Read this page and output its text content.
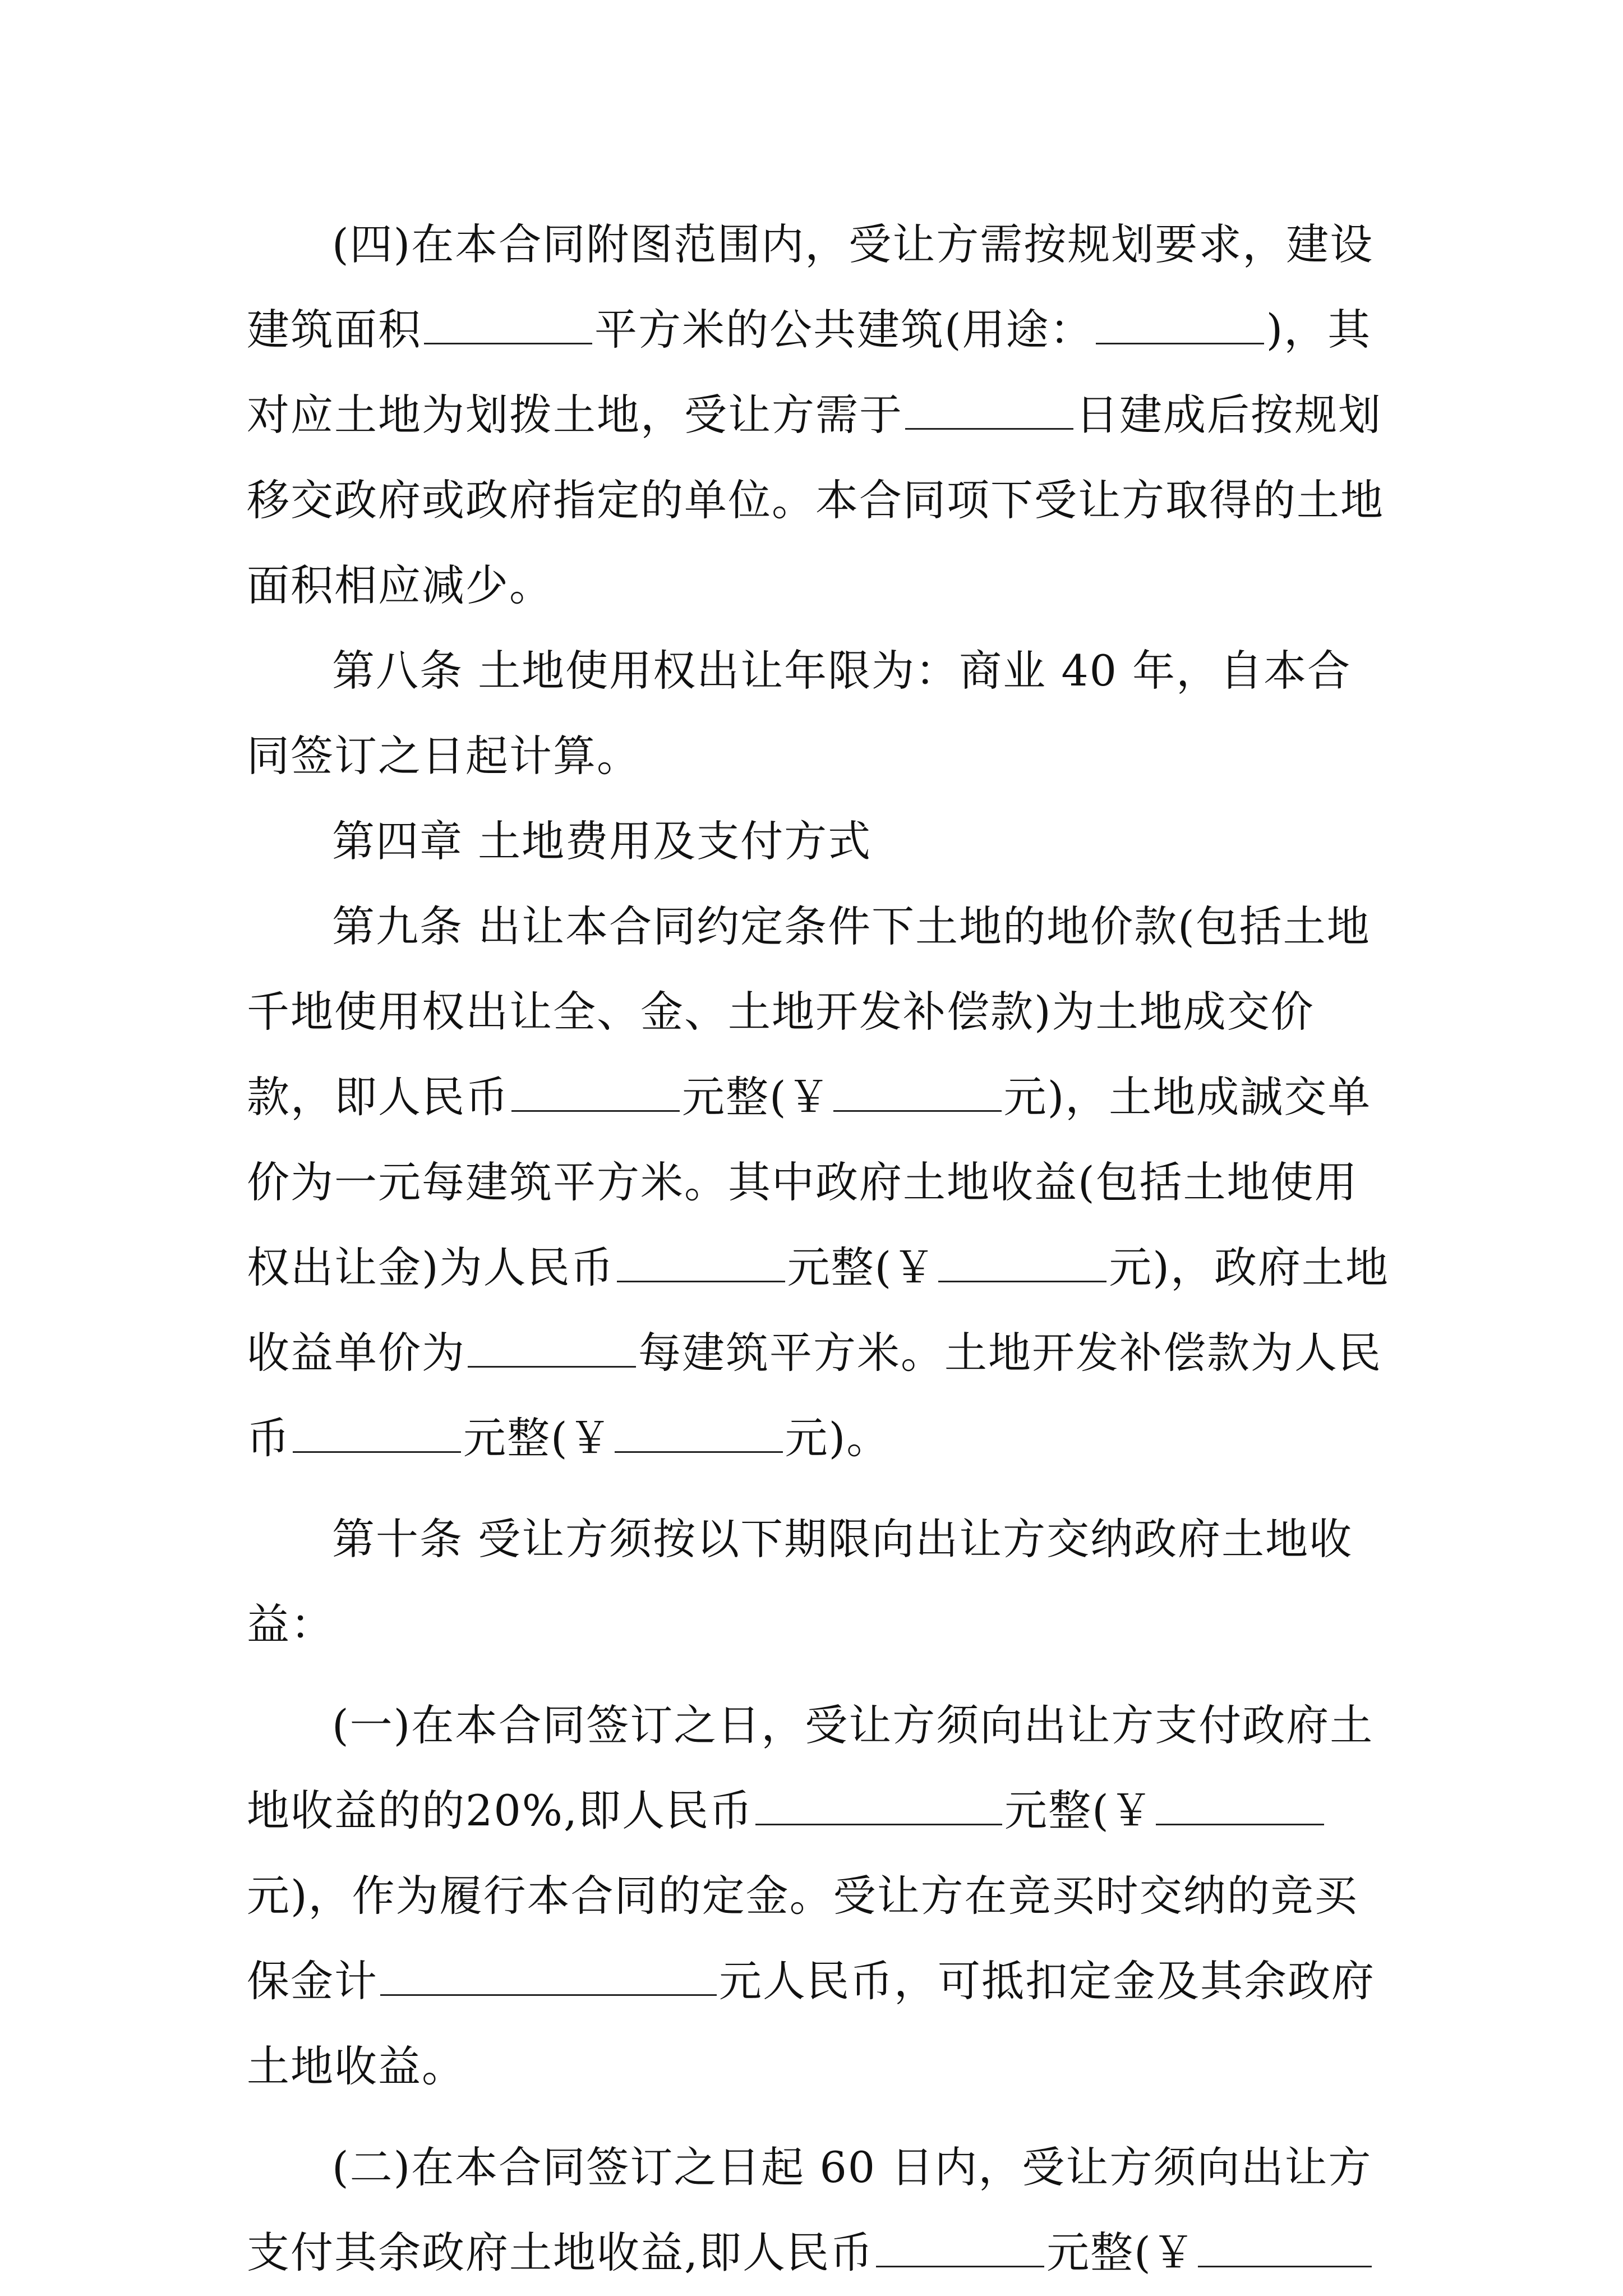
(四)在本合同附图范围内，受让方需按规划要求，建设建筑面积	平方米的公共建筑(用途：	)，其对应土地为划拨土地，受让方需于	日建成后按规划移交政府或政府指定的单位。本合同项下受让方取得的土地面积相应减少。

第八条 土地使用权出让年限为：商业 40 年，自本合同签订之日起计算。

第四章 土地费用及支付方式

第九条 出让本合同约定条件下土地的地价款(包括土地千地使用权出让全、金、土地开发补偿款)为土地成交价款，即人民币	元整(￥	元)，土地成誠交单价为一元每建筑平方米。其中政府土地收益(包括土地使用权出让金)为人民币	元整(￥	元)，政府土地收益单价为	每建筑平方米。土地开发补偿款为人民币	元整(￥	元)。

第十条 受让方须按以下期限向出让方交纳政府土地收益：

(一)在本合同签订之日，受让方须向出让方支付政府土地收益的的20%,即人民币	元整(￥元)，作为履行本合同的定金。受让方在竞买时交纳的竞买保金计	元人民币，可抵扣定金及其余政府土地收益。

(二)在本合同签订之日起 60 日内，受让方须向出让方支付其余政府土地收益,即人民币	元整(￥
